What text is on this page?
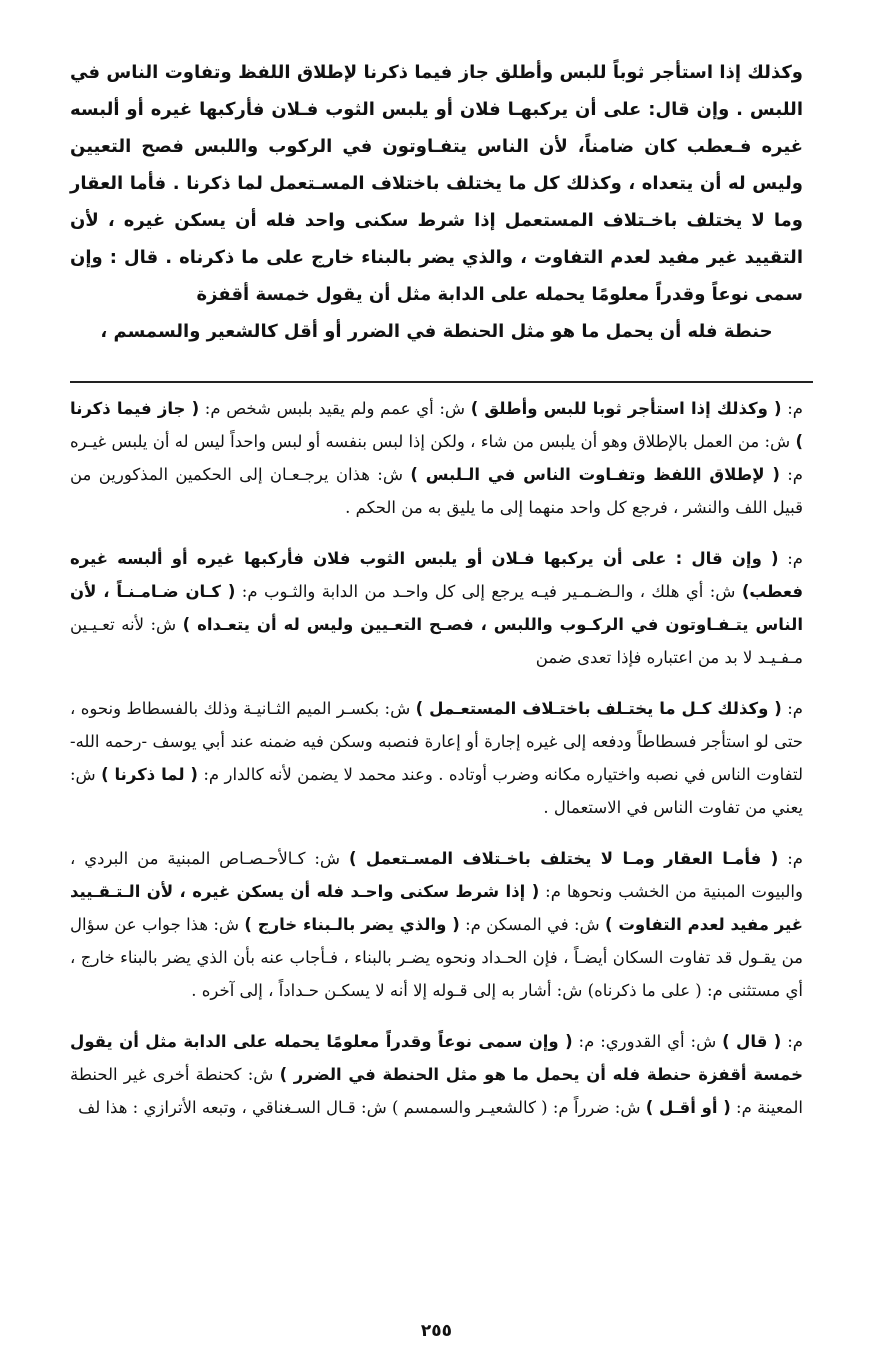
وكذلك إذا استأجر ثوباً للبس وأطلق جاز فيما ذكرنا لإطلاق اللفظ وتفاوت الناس في اللبس . وإن قال: على أن يركبهـا فلان أو يلبس الثوب فـلان فأركبها غيره أو ألبسه غيره فـعطب كان ضامناً، لأن الناس يتفـاوتون في الركوب واللبس فصح التعيين وليس له أن يتعداه ، وكذلك كل ما يختلف باختلاف المسـتعمل لما ذكرنا . فأما العقار وما لا يختلف باخـتلاف المستعمل إذا شرط سكنى واحد فله أن يسكن غيره ، لأن التقييد غير مفيد لعدم التفاوت ، والذي يضر بالبناء خارج على ما ذكرناه . قال : وإن سمى نوعاً وقدراً معلومًا يحمله على الدابة مثل أن يقول خمسة أقفزة
حنطة فله أن يحمل ما هو مثل الحنطة في الضرر أو أقل كالشعير والسمسم ،

م: ( وكذلك إذا استأجر ثوبا للبس وأطلق ) ش: أي عمم ولم يقيد بلبس شخص م: ( جاز فيما ذكرنا ) ش: من العمل بالإطلاق وهو أن يلبس من شاء ، ولكن إذا لبس بنفسه أو لبس واحداً ليس له أن يلبس غيـره م: ( لإطلاق اللفظ وتفـاوت الناس في الـلبس ) ش: هذان يرجـعـان إلى الحكمين المذكورين من قبيل اللف والنشر ، فرجع كل واحد منهما إلى ما يليق به من الحكم .

م: ( وإن قال : على أن يركبها فـلان أو يلبس الثوب فلان فأركبها غيره أو ألبسه غيره فعطب) ش: أي هلك ، والـضـمـير فيـه يرجع إلى كل واحـد من الدابة والثـوب م: ( كـان ضـامـنـاً ، لأن الناس يتـفـاوتون في الركـوب واللبس ، فصـح التعـيين وليس له أن يتعـداه ) ش: لأنه تعـيـين مـفـيـد لا بد من اعتباره فإذا تعدى ضمن

م: ( وكذلك كـل ما يختـلف باختـلاف المستعـمل ) ش: بكسـر الميم الثـانيـة وذلك بالفسطاط ونحوه ، حتى لو استأجر فسطاطاً ودفعه إلى غيره إجارة أو إعارة فنصبه وسكن فيه ضمنه عند أبي يوسف -رحمه الله- لتفاوت الناس في نصبه واختياره مكانه وضرب أوتاده . وعند محمد لا يضمن لأنه كالدار م: ( لما ذكرنا ) ش: يعني من تفاوت الناس في الاستعمال .

م: ( فأمـا العقار ومـا لا يختلف باخـتلاف المسـتعمل ) ش: كـالأحـصـاص المبنية من البردي ، والبيوت المبنية من الخشب ونحوها م: ( إذا شرط سكنى واحـد فله أن يسكن غيره ، لأن الـتـقـييد غير مفيد لعدم التفاوت ) ش: في المسكن م: ( والذي يضر بالـبناء خارج ) ش: هذا جواب عن سؤال من يقـول قد تفاوت السكان أيضـاً ، فإن الحـداد ونحوه يضـر بالبناء ، فـأجاب عنه بأن الذي يضر بالبناء خارج ، أي مستثنى م: ( على ما ذكرناه) ش: أشار به إلى قـوله إلا أنه لا يسكـن حـداداً ، إلى آخره .

م: ( قال ) ش: أي القدوري: م: ( وإن سمى نوعاً وقدراً معلومًا يحمله على الدابة مثل أن يقول خمسة أقفزة حنطة فله أن يحمل ما هو مثل الحنطة في الضرر ) ش: كحنطة أخرى غير الحنطة المعينة م: ( أو أقـل ) ش: ضرراً م: ( كالشعيـر والسمسم ) ش: قـال السـغناقي ، وتبعه الأترازي : هذا لف

٢٥٥
